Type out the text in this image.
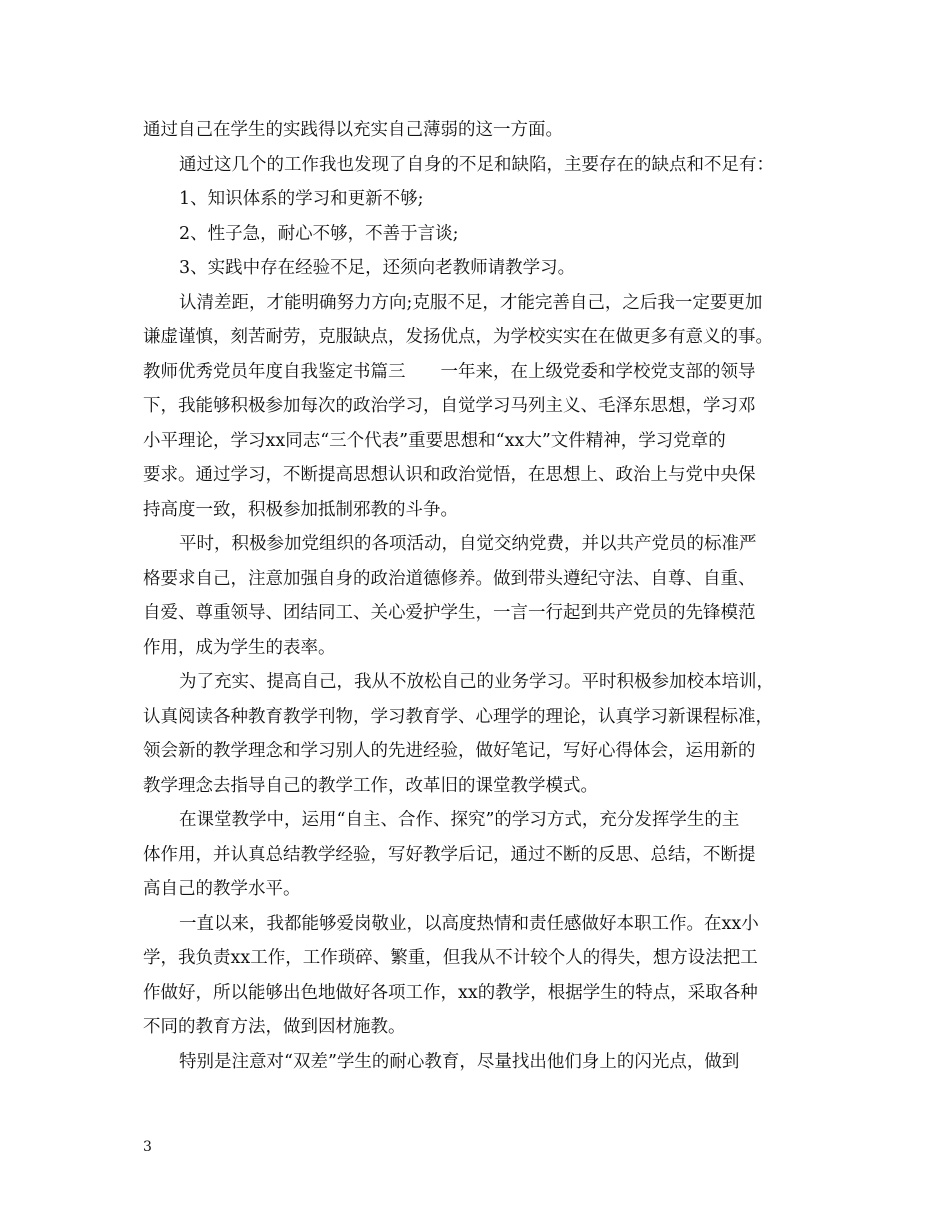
通过自己在学生的实践得以充实自己薄弱的这一方面。
通过这几个的工作我也发现了自身的不足和缺陷，主要存在的缺点和不足有：
1、知识体系的学习和更新不够;
2、性子急，耐心不够，不善于言谈;
3、实践中存在经验不足，还须向老教师请教学习。
认清差距，才能明确努力方向;克服不足，才能完善自己，之后我一定要更加
谦虚谨慎，刻苦耐劳，克服缺点，发扬优点，为学校实实在在做更多有意义的事。
教师优秀党员年度自我鉴定书篇三　　一年来，在上级党委和学校党支部的领导
下，我能够积极参加每次的政治学习，自觉学习马列主义、毛泽东思想，学习邓
小平理论，学习xx同志“三个代表”重要思想和“xx大”文件精神，学习党章的
要求。通过学习，不断提高思想认识和政治觉悟，在思想上、政治上与党中央保
持高度一致，积极参加抵制邪教的斗争。
平时，积极参加党组织的各项活动，自觉交纳党费，并以共产党员的标准严
格要求自己，注意加强自身的政治道德修养。做到带头遵纪守法、自尊、自重、
自爱、尊重领导、团结同工、关心爱护学生，一言一行起到共产党员的先锋模范
作用，成为学生的表率。
为了充实、提高自己，我从不放松自己的业务学习。平时积极参加校本培训，
认真阅读各种教育教学刊物，学习教育学、心理学的理论，认真学习新课程标准，
领会新的教学理念和学习别人的先进经验，做好笔记，写好心得体会，运用新的
教学理念去指导自己的教学工作，改革旧的课堂教学模式。
在课堂教学中，运用“自主、合作、探究”的学习方式，充分发挥学生的主
体作用，并认真总结教学经验，写好教学后记，通过不断的反思、总结，不断提
高自己的教学水平。
一直以来，我都能够爱岗敬业，以高度热情和责任感做好本职工作。在xx小
学，我负责xx工作，工作琐碎、繁重，但我从不计较个人的得失，想方设法把工
作做好，所以能够出色地做好各项工作，xx的教学，根据学生的特点，采取各种
不同的教育方法，做到因材施教。
特别是注意对“双差”学生的耐心教育，尽量找出他们身上的闪光点，做到
3
